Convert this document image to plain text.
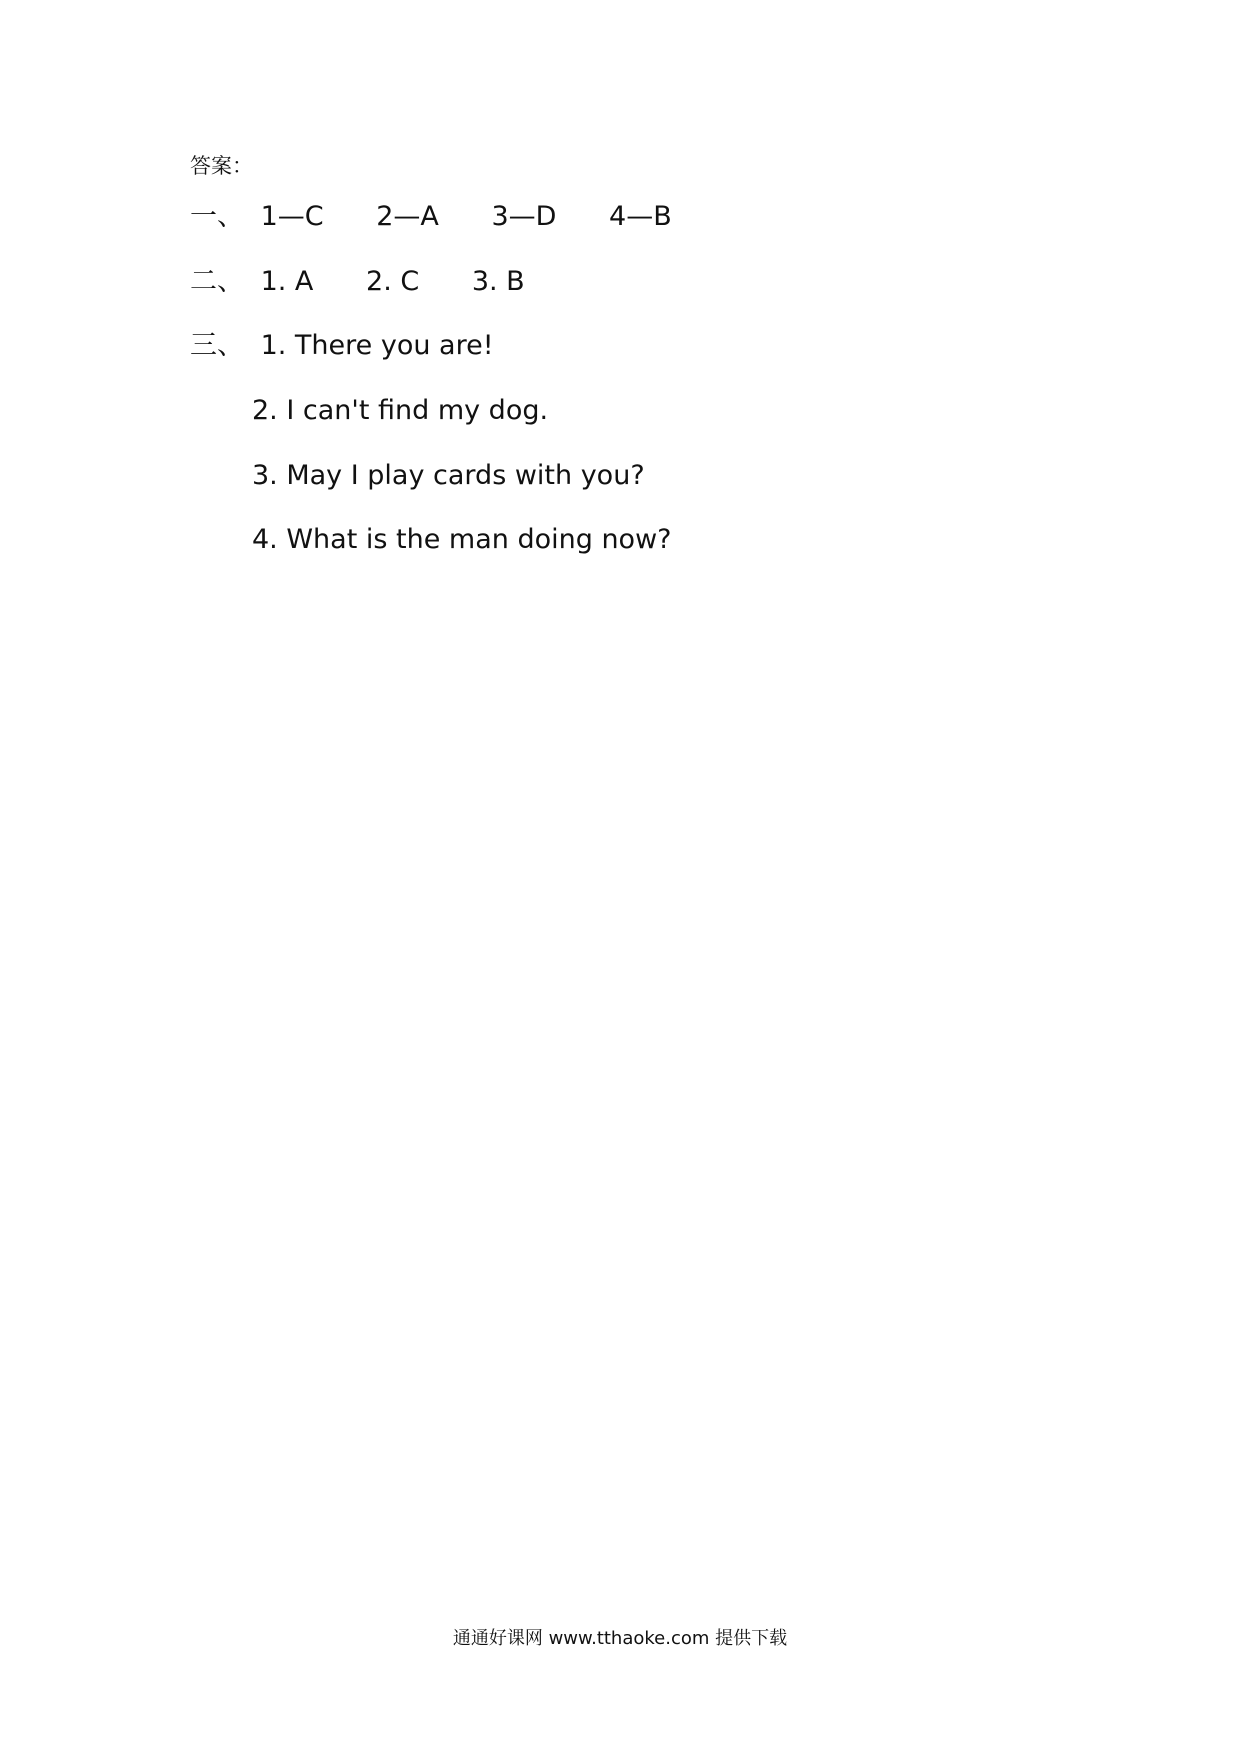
答案：
一、 1—C 2—A 3—D 4—B
二、 1. A 2. C 3. B
三、 1. There you are!
2. I can't find my dog.
3. May I play cards with you?
4. What is the man doing now?
通通好课网 www.tthaoke.com 提供下载
